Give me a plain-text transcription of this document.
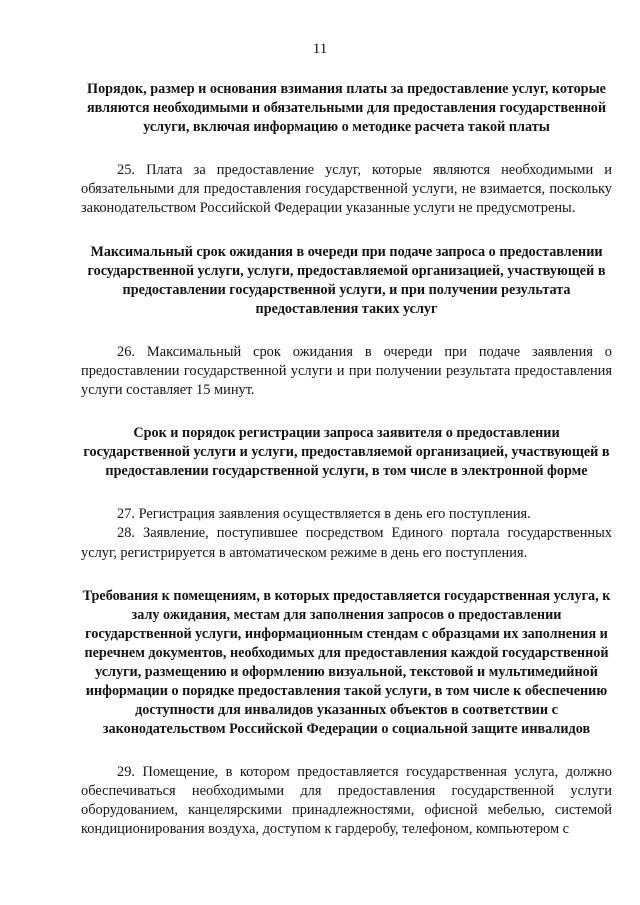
11

Порядок, размер и основания взимания платы за предоставление услуг, которые являются необходимыми и обязательными для предоставления государственной услуги, включая информацию о методике расчета такой платы

25. Плата за предоставление услуг, которые являются необходимыми и обязательными для предоставления государственной услуги, не взимается, поскольку законодательством Российской Федерации указанные услуги не предусмотрены.

Максимальный срок ожидания в очереди при подаче запроса о предоставлении государственной услуги, услуги, предоставляемой организацией, участвующей в предоставлении государственной услуги, и при получении результата предоставления таких услуг

26. Максимальный срок ожидания в очереди при подаче заявления о предоставлении государственной услуги и при получении результата предоставления услуги составляет 15 минут.

Срок и порядок регистрации запроса заявителя о предоставлении государственной услуги и услуги, предоставляемой организацией, участвующей в предоставлении государственной услуги, в том числе в электронной форме

27. Регистрация заявления осуществляется в день его поступления.

28. Заявление, поступившее посредством Единого портала государственных услуг, регистрируется в автоматическом режиме в день его поступления.

Требования к помещениям, в которых предоставляется государственная услуга, к залу ожидания, местам для заполнения запросов о предоставлении государственной услуги, информационным стендам с образцами их заполнения и перечнем документов, необходимых для предоставления каждой государственной услуги, размещению и оформлению визуальной, текстовой и мультимедийной информации о порядке предоставления такой услуги, в том числе к обеспечению доступности для инвалидов указанных объектов в соответствии с законодательством Российской Федерации о социальной защите инвалидов

29. Помещение, в котором предоставляется государственная услуга, должно обеспечиваться необходимыми для предоставления государственной услуги оборудованием, канцелярскими принадлежностями, офисной мебелью, системой кондиционирования воздуха, доступом к гардеробу, телефоном, компьютером с
